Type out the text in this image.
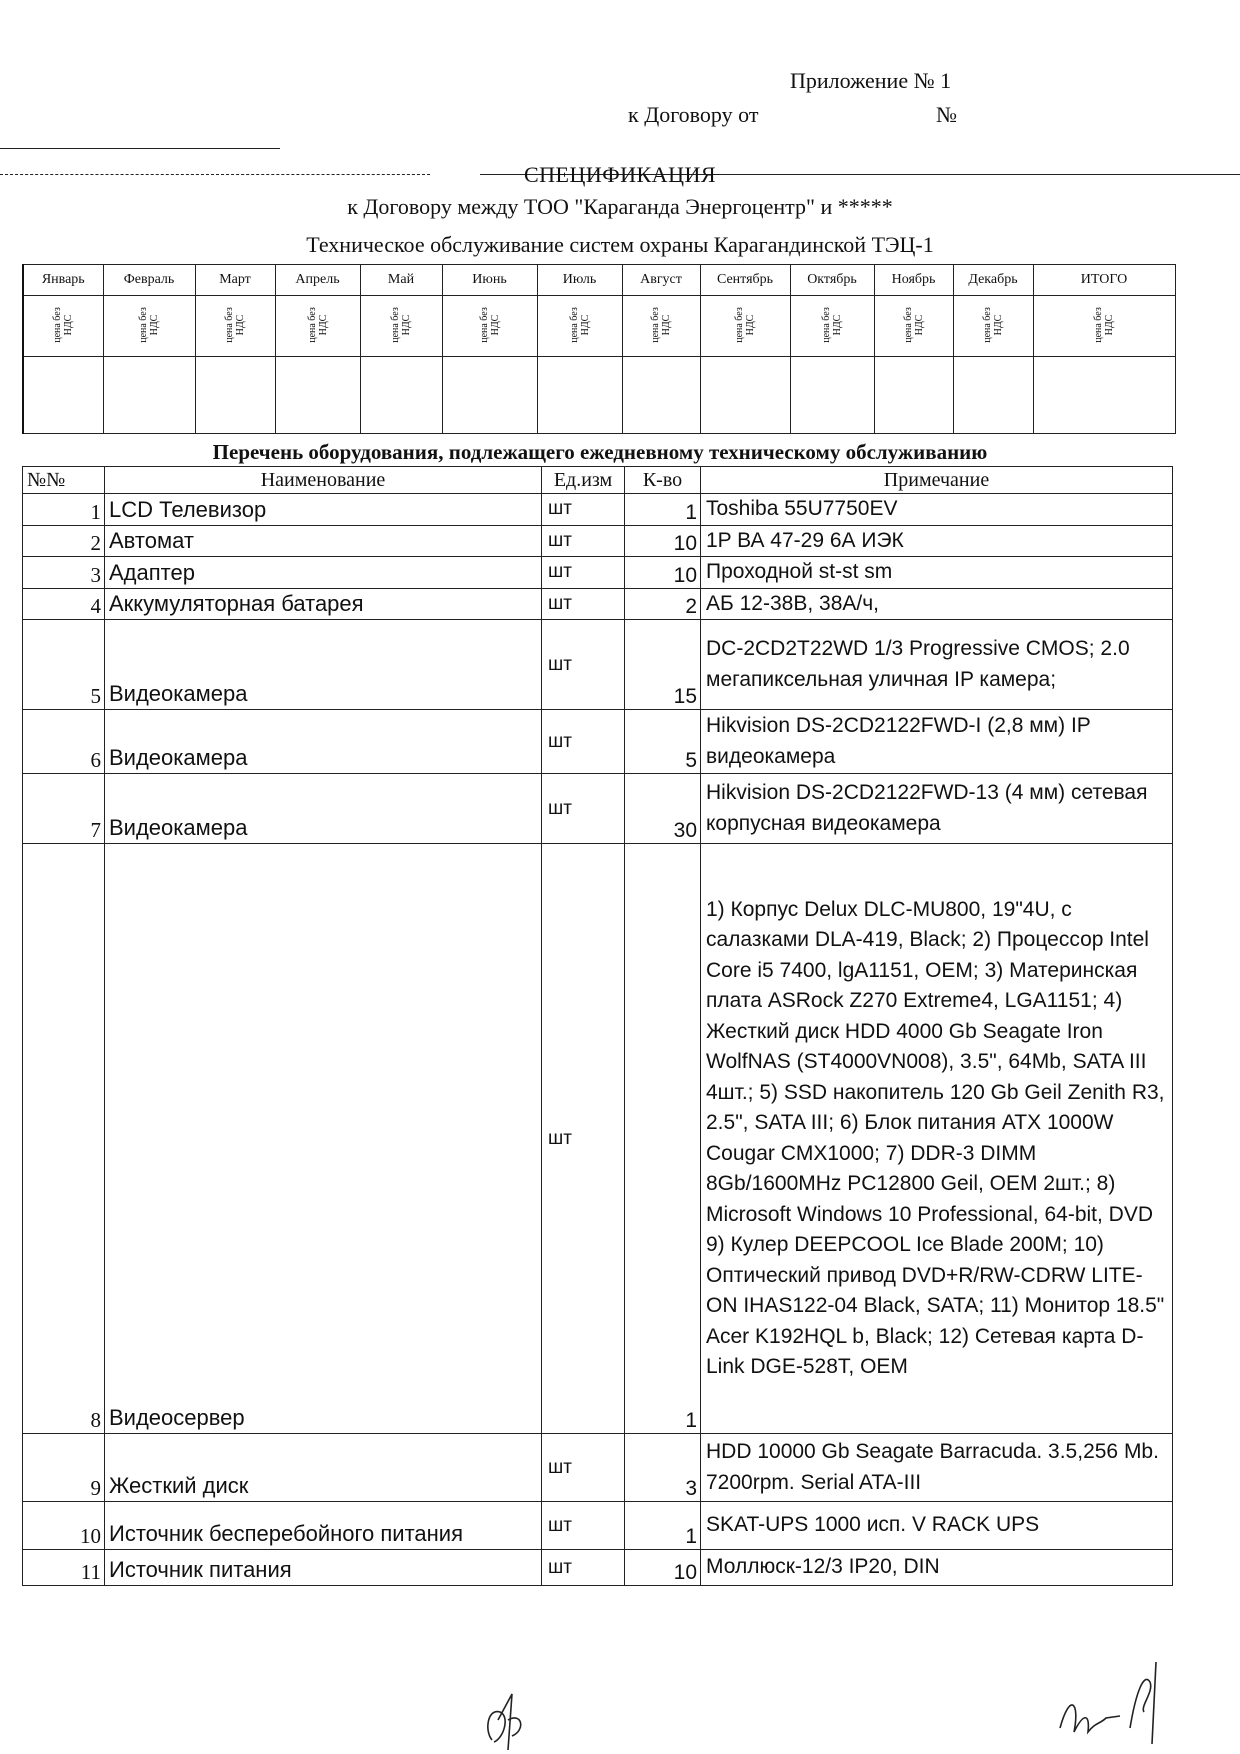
Приложение № 1
к Договору от	№
СПЕЦИФИКАЦИЯ
к Договору между ТОО "Караганда Энергоцентр" и *****
Техническое обслуживание систем охраны Карагандинской ТЭЦ-1
Январь	Февраль	Март	Апрель	Май	Июнь	Июль	Август	Сентябрь	Октябрь	Ноябрь	Декабрь	ИТОГО
цена без НДС	цена без НДС	цена без НДС	цена без НДС	цена без НДС	цена без НДС	цена без НДС	цена без НДС	цена без НДС	цена без НДС	цена без НДС	цена без НДС	цена без НДС

Перечень оборудования, подлежащего ежедневному техническому обслуживанию
№№	Наименование	Ед.изм	К-во	Примечание
1	LCD Телевизор	шт	1	Toshiba 55U7750EV
2	Автомат	шт	10	1P ВА 47-29 6А ИЭК
3	Адаптер	шт	10	Проходной st-st sm
4	Аккумуляторная батарея	шт	2	АБ 12-38В, 38А/ч,
5	Видеокамера	шт	15	DC-2CD2T22WD 1/3 Progressive CMOS; 2.0 мегапиксельная уличная IP камера;
6	Видеокамера	шт	5	Hikvision DS-2CD2122FWD-I (2,8 мм) IP видеокамера
7	Видеокамера	шт	30	Hikvision DS-2CD2122FWD-13 (4 мм) сетевая корпусная видеокамера
8	Видеосервер	шт	1	1) Корпус Delux DLC-MU800, 19"4U, с салазками DLA-419, Black; 2) Процессор Intel Core i5 7400, lgA1151, OEM; 3) Материнская плата ASRock Z270 Extreme4, LGA1151; 4) Жесткий диск HDD 4000 Gb Seagate Iron WolfNAS (ST4000VN008), 3.5", 64Mb, SATA III 4шт.; 5) SSD накопитель 120 Gb Geil Zenith R3, 2.5", SATA III; 6) Блок питания ATX 1000W Cougar CMX1000; 7) DDR-3 DIMM 8Gb/1600MHz PC12800 Geil, OEM 2шт.; 8) Microsoft Windows 10 Professional, 64-bit, DVD 9) Кулер DEEPCOOL Ice Blade 200M; 10) Оптический привод DVD+R/RW-CDRW LITE-ON IHAS122-04 Black, SATA; 11) Монитор 18.5" Acer K192HQL b, Black; 12) Сетевая карта D-Link DGE-528T, OEM
9	Жесткий диск	шт	3	HDD 10000 Gb Seagate Barracuda. 3.5,256 Mb. 7200rpm. Serial ATA-III
10	Источник бесперебойного питания	шт	1	SKAT-UPS 1000 исп. V RACK UPS
11	Источник питания	шт	10	Моллюск-12/3 IP20, DIN
